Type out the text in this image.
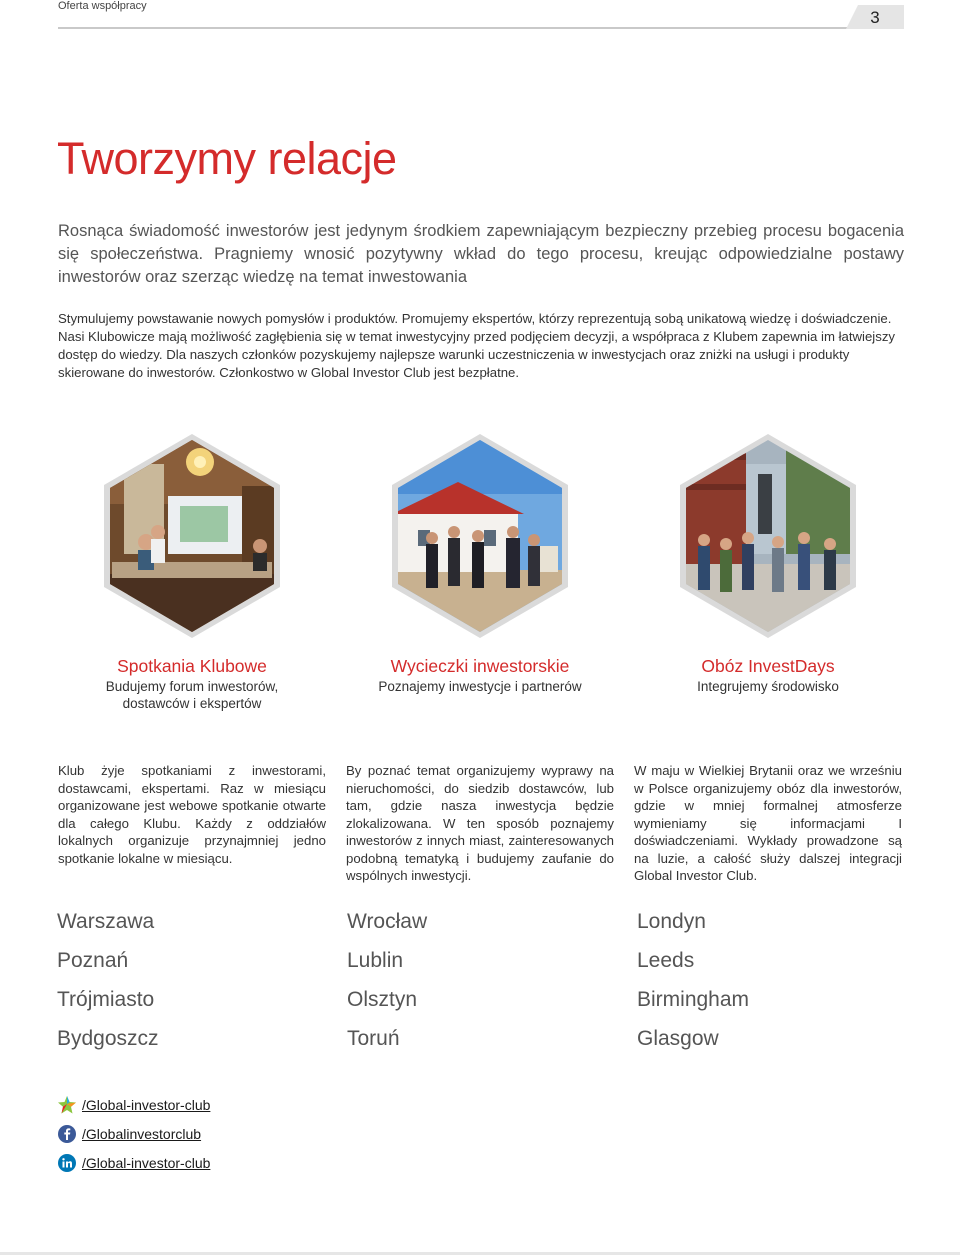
Oferta współpracy
3
Tworzymy relacje

Rosnąca świadomość inwestorów jest jedynym środkiem zapewniającym bezpieczny przebieg procesu bogacenia się społeczeństwa. Pragniemy wnosić pozytywny wkład do tego procesu, kreując odpowiedzialne postawy inwestorów oraz szerząc wiedzę na temat inwestowania

Stymulujemy powstawanie nowych pomysłów i produktów. Promujemy ekspertów, którzy reprezentują sobą unikatową wiedzę i doświadczenie. Nasi Klubowicze mają możliwość zagłębienia się w temat inwestycyjny przed podjęciem decyzji, a współpraca z Klubem zapewnia im łatwiejszy dostęp do wiedzy. Dla naszych członków pozyskujemy najlepsze warunki uczestniczenia w inwestycjach oraz zniżki na usługi i produkty skierowane do inwestorów. Członkostwo w Global Investor Club jest bezpłatne.

Spotkania Klubowe
Budujemy forum inwestorów,
dostawców i ekspertów
Wycieczki inwestorskie
Poznajemy inwestycje i partnerów
Obóz InvestDays
Integrujemy środowisko

Klub żyje spotkaniami z inwestorami, dostawcami, ekspertami. Raz w miesiącu organizowane jest webowe spotkanie otwarte dla całego Klubu. Każdy z oddziałów lokalnych organizuje przynajmniej jedno spotkanie lokalne w miesiącu.

By poznać temat organizujemy wyprawy na nieruchomości, do siedzib dostawców, lub tam, gdzie nasza inwestycja będzie zlokalizowana. W ten sposób poznajemy inwestorów z innych miast, zainteresowanych podobną tematyką i budujemy zaufanie do wspólnych inwestycji.

W maju w Wielkiej Brytanii oraz we wrześniu w Polsce organizujemy obóz dla inwestorów, gdzie w mniej formalnej atmosferze wymieniamy się informacjami I doświadczeniami. Wykłady prowadzone są na luzie, a całość służy dalszej integracji Global Investor Club.

Warszawa
Poznań
Trójmiasto
Bydgoszcz
Wrocław
Lublin
Olsztyn
Toruń
Londyn
Leeds
Birmingham
Glasgow
/Global-investor-club
/Globalinvestorclub
/Global-investor-club
